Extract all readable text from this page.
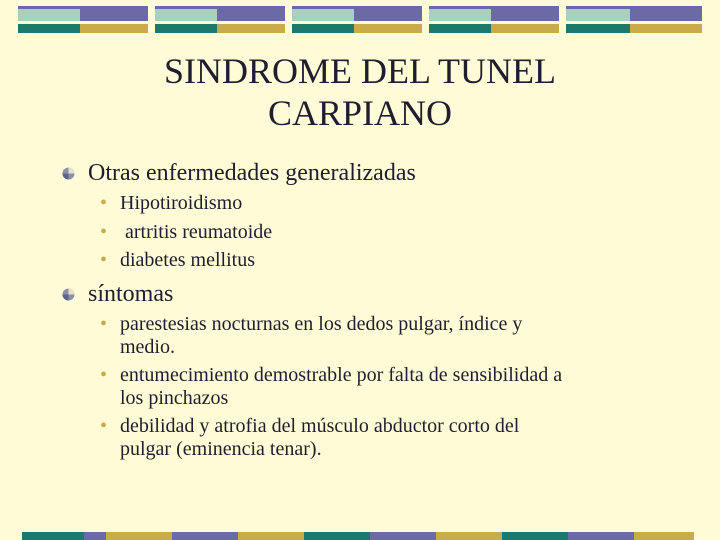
SINDROME DEL TUNEL
CARPIANO
Otras enfermedades generalizadas
• Hipotiroidismo
• artritis reumatoide
• diabetes mellitus
síntomas
• parestesias nocturnas en los dedos pulgar, índice y
medio.
• entumecimiento demostrable por falta de sensibilidad a
los pinchazos
• debilidad y atrofia del músculo abductor corto del
pulgar (eminencia tenar).
